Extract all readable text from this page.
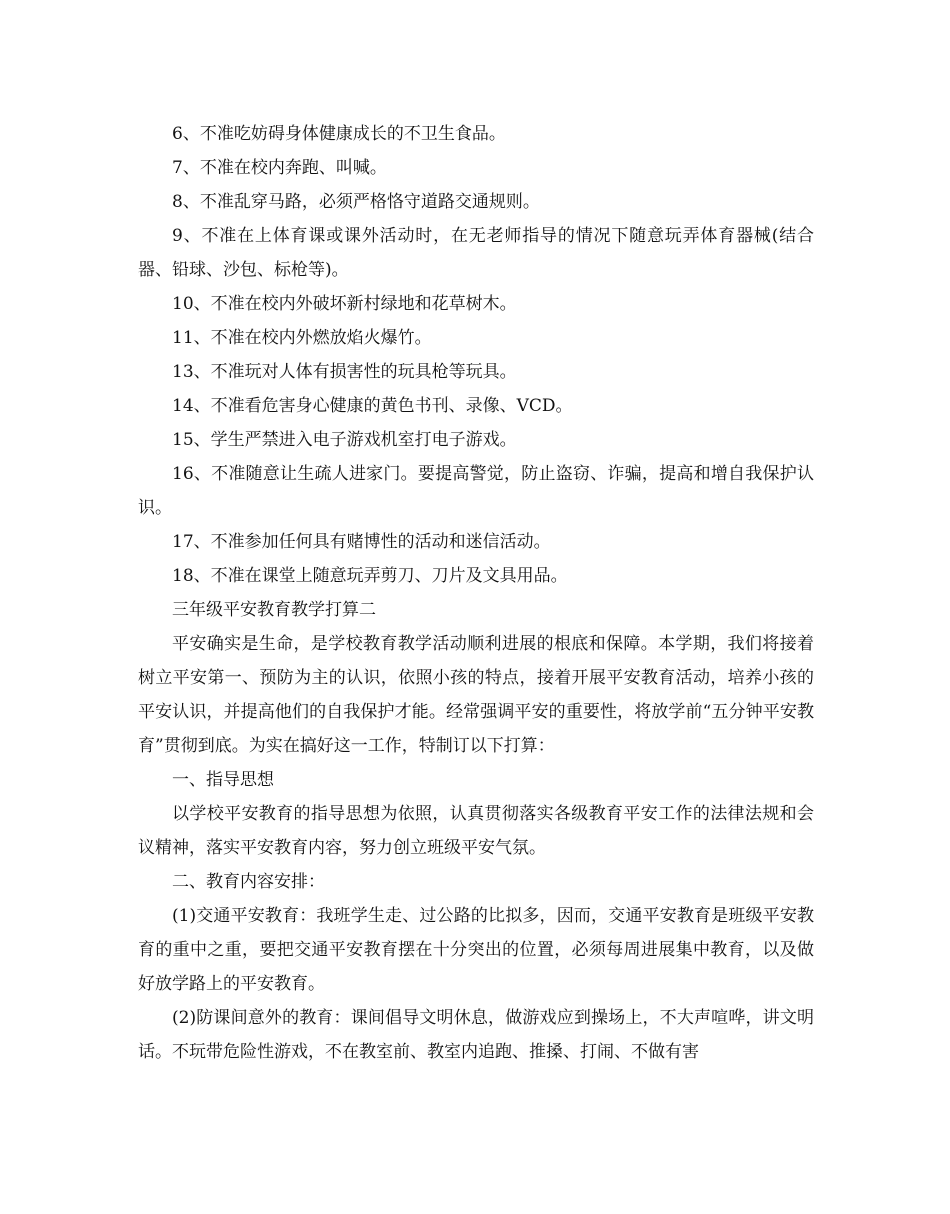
6、不准吃妨碍身体健康成长的不卫生食品。

7、不准在校内奔跑、叫喊。

8、不准乱穿马路，必须严格恪守道路交通规则。

9、不准在上体育课或课外活动时，在无老师指导的情况下随意玩弄体育器械(结合器、铅球、沙包、标枪等)。

10、不准在校内外破坏新村绿地和花草树木。

11、不准在校内外燃放焰火爆竹。

13、不准玩对人体有损害性的玩具枪等玩具。

14、不准看危害身心健康的黄色书刊、录像、VCD。

15、学生严禁进入电子游戏机室打电子游戏。

16、不准随意让生疏人进家门。要提高警觉，防止盗窃、诈骗，提高和增自我保护认识。

17、不准参加任何具有赌博性的活动和迷信活动。

18、不准在课堂上随意玩弄剪刀、刀片及文具用品。

三年级平安教育教学打算二

平安确实是生命，是学校教育教学活动顺利进展的根底和保障。本学期，我们将接着树立平安第一、预防为主的认识，依照小孩的特点，接着开展平安教育活动，培养小孩的平安认识，并提高他们的自我保护才能。经常强调平安的重要性，将放学前“五分钟平安教育”贯彻到底。为实在搞好这一工作，特制订以下打算：

一、指导思想

以学校平安教育的指导思想为依照，认真贯彻落实各级教育平安工作的法律法规和会议精神，落实平安教育内容，努力创立班级平安气氛。

二、教育内容安排：

(1)交通平安教育：我班学生走、过公路的比拟多，因而，交通平安教育是班级平安教育的重中之重，要把交通平安教育摆在十分突出的位置，必须每周进展集中教育，以及做好放学路上的平安教育。

(2)防课间意外的教育：课间倡导文明休息，做游戏应到操场上，不大声喧哗，讲文明话。不玩带危险性游戏，不在教室前、教室内追跑、推搡、打闹、不做有害
